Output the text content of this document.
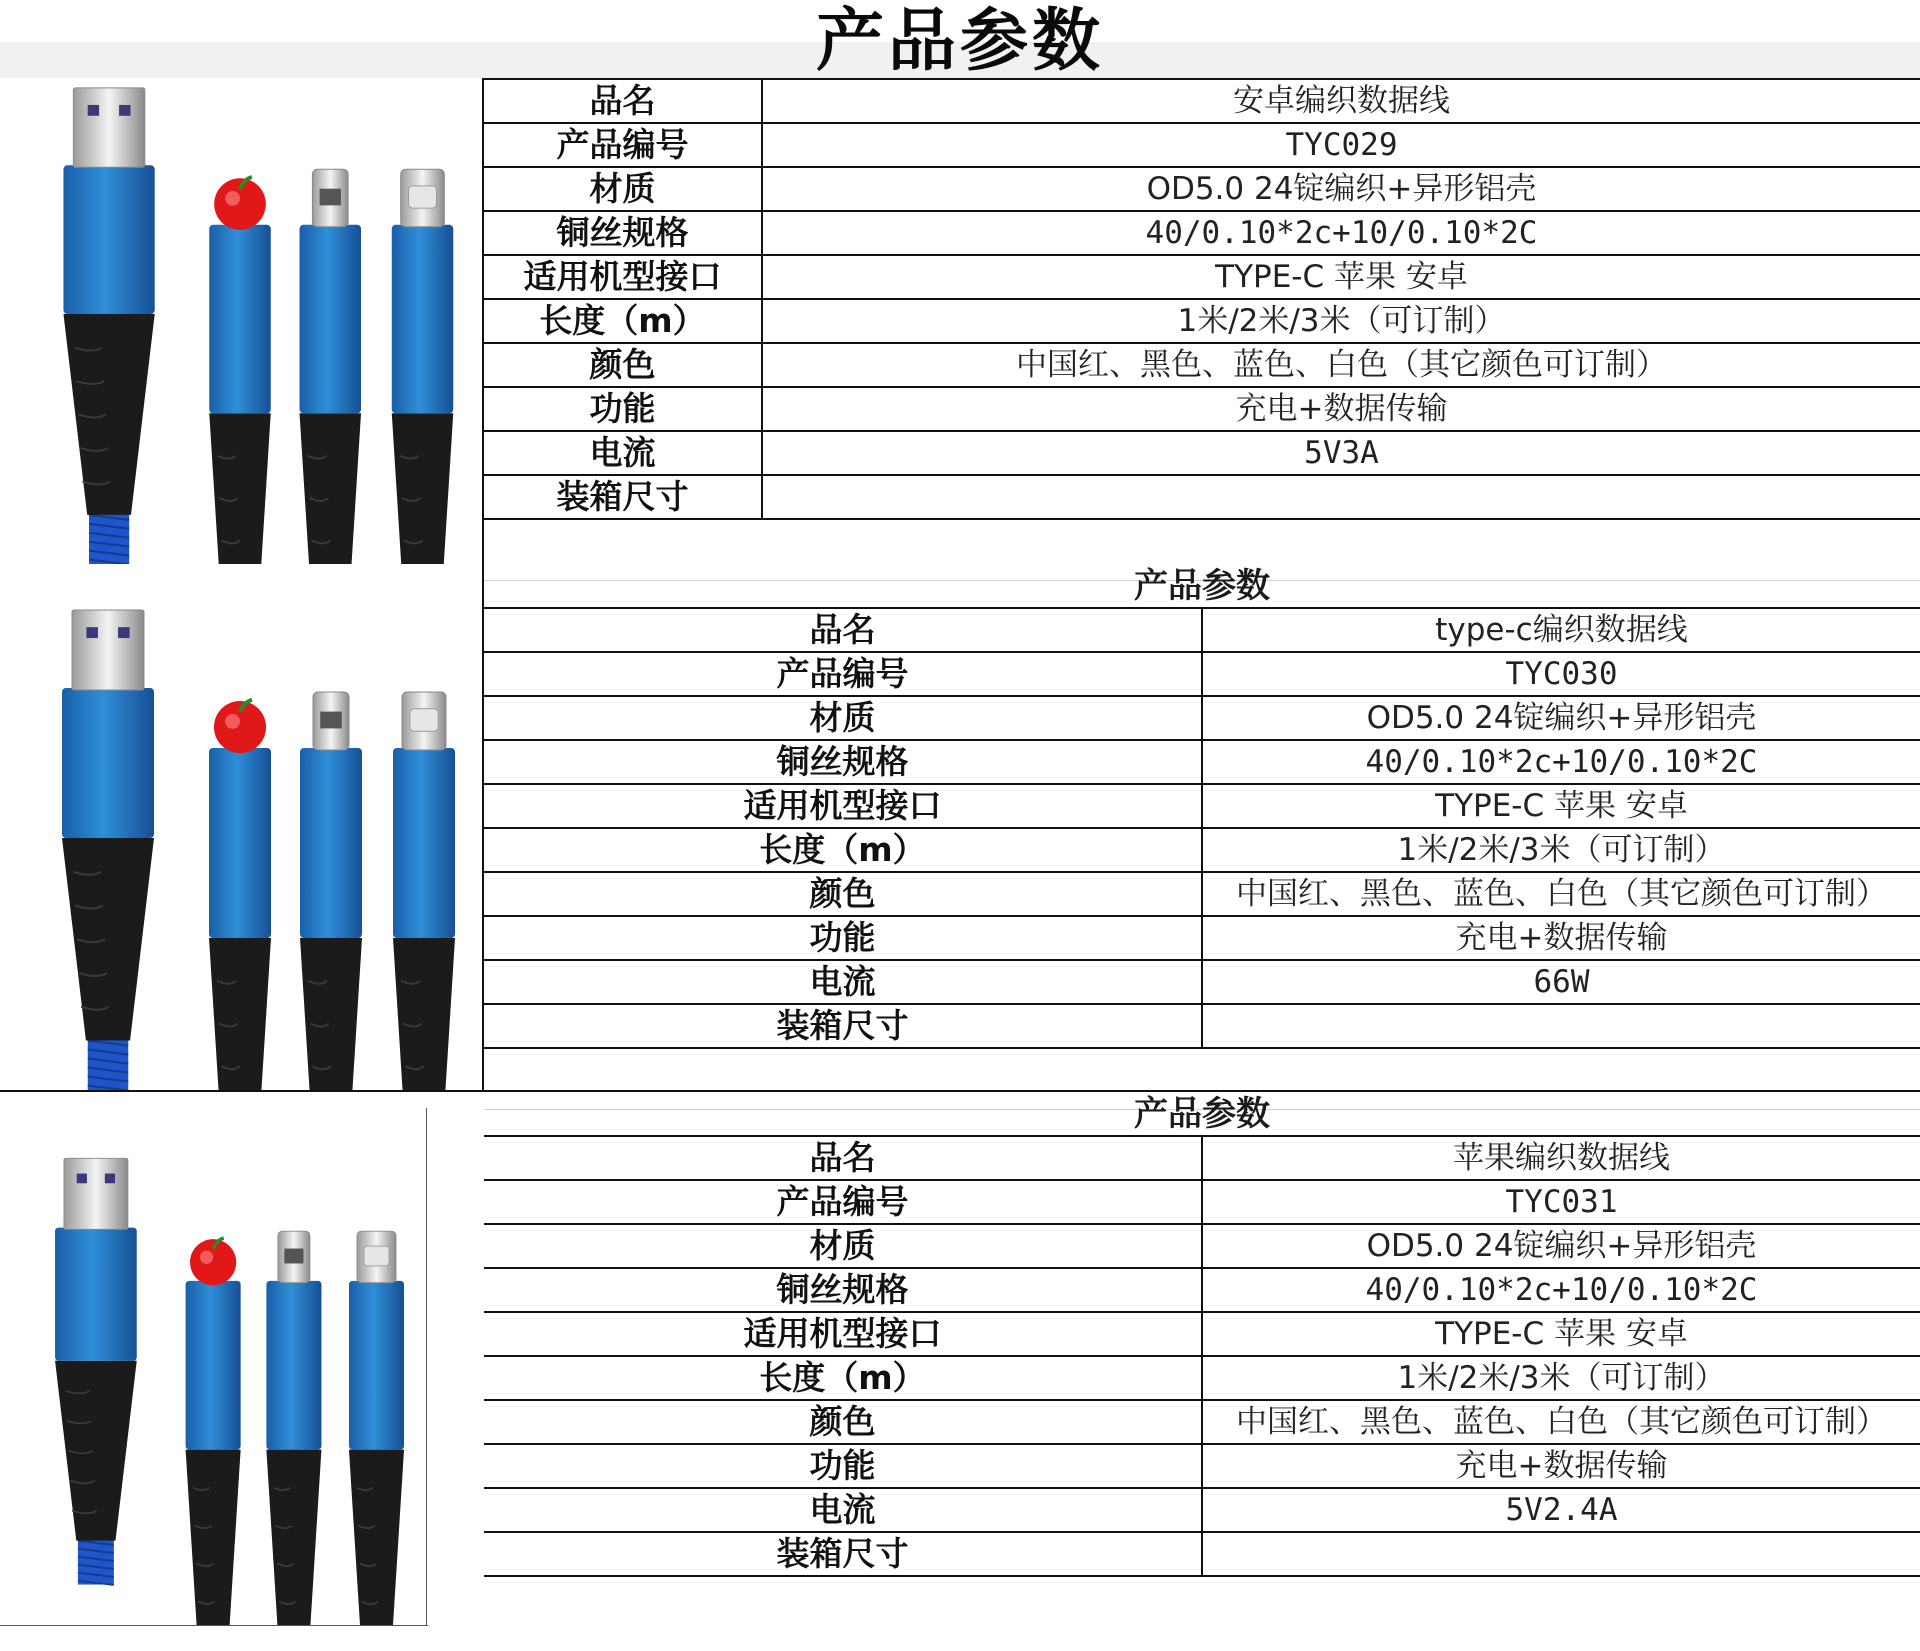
产品参数
品名	安卓编织数据线
产品编号	TYC029
材质	OD5.0 24锭编织+异形铝壳
铜丝规格	40/0.10*2c+10/0.10*2C
适用机型接口	TYPE-C 苹果 安卓
长度（m）	1米/2米/3米（可订制）
颜色	中国红、黑色、蓝色、白色（其它颜色可订制）
功能	充电+数据传输
电流	5V3A
装箱尺寸	

产品参数	
品名	type-c编织数据线
产品编号	TYC030
材质	OD5.0 24锭编织+异形铝壳
铜丝规格	40/0.10*2c+10/0.10*2C
适用机型接口	TYPE-C 苹果 安卓
长度（m）	1米/2米/3米（可订制）
颜色	中国红、黑色、蓝色、白色（其它颜色可订制）
功能	充电+数据传输
电流	66W
装箱尺寸	

产品参数	
品名	苹果编织数据线
产品编号	TYC031
材质	OD5.0 24锭编织+异形铝壳
铜丝规格	40/0.10*2c+10/0.10*2C
适用机型接口	TYPE-C 苹果 安卓
长度（m）	1米/2米/3米（可订制）
颜色	中国红、黑色、蓝色、白色（其它颜色可订制）
功能	充电+数据传输
电流	5V2.4A
装箱尺寸	
